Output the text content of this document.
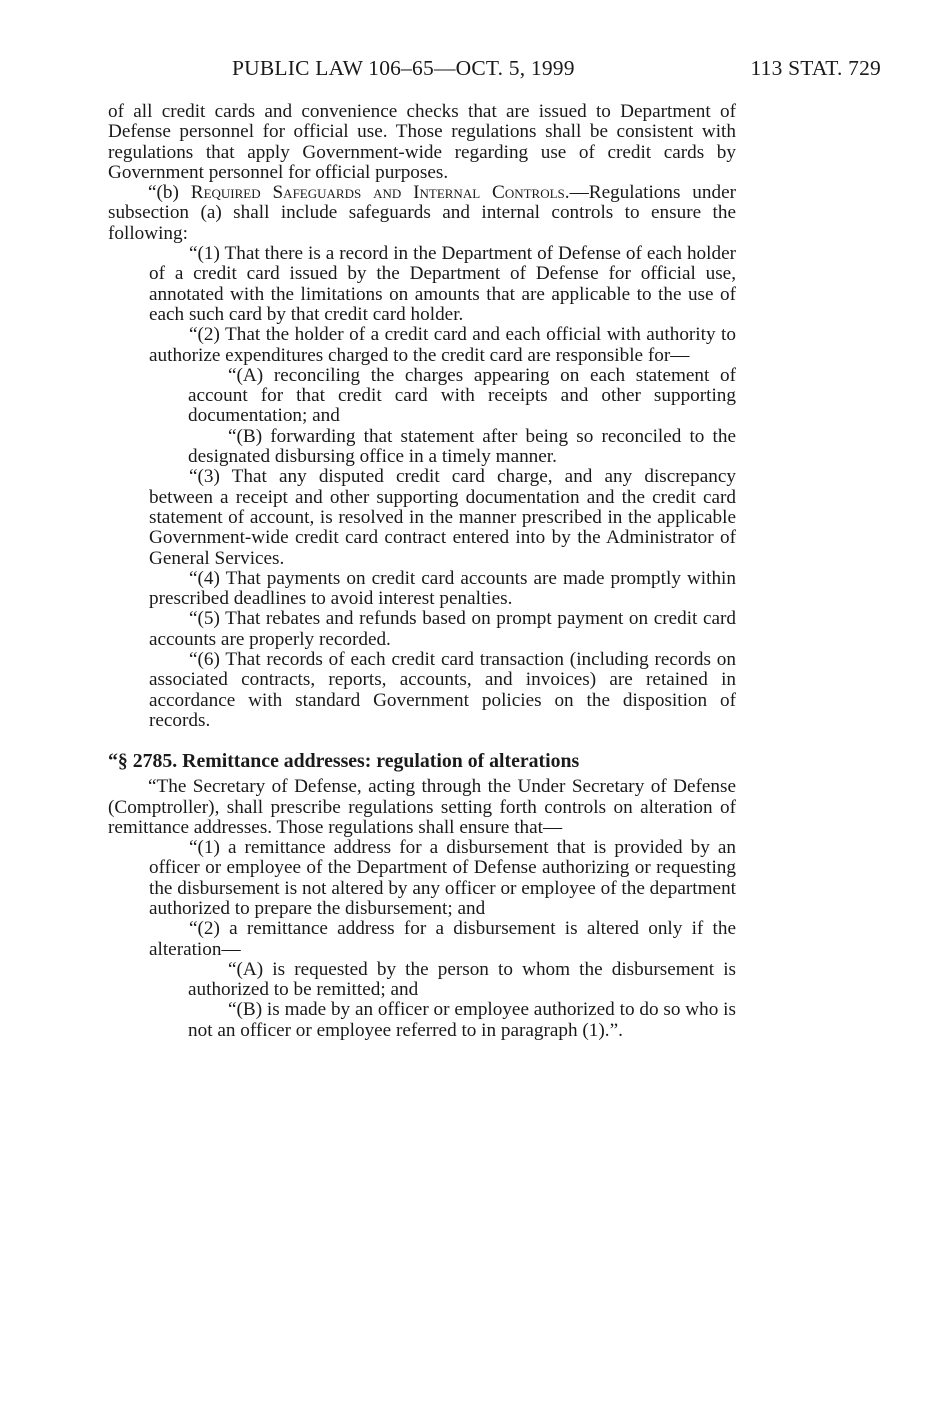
PUBLIC LAW 106–65—OCT. 5, 1999	113 STAT. 729

of all credit cards and convenience checks that are issued to Department of Defense personnel for official use. Those regulations shall be consistent with regulations that apply Government-wide regarding use of credit cards by Government personnel for official purposes.

“(b) Required Safeguards and Internal Controls.—Regulations under subsection (a) shall include safeguards and internal controls to ensure the following:

“(1) That there is a record in the Department of Defense of each holder of a credit card issued by the Department of Defense for official use, annotated with the limitations on amounts that are applicable to the use of each such card by that credit card holder.

“(2) That the holder of a credit card and each official with authority to authorize expenditures charged to the credit card are responsible for—

“(A) reconciling the charges appearing on each statement of account for that credit card with receipts and other supporting documentation; and

“(B) forwarding that statement after being so reconciled to the designated disbursing office in a timely manner.

“(3) That any disputed credit card charge, and any discrepancy between a receipt and other supporting documentation and the credit card statement of account, is resolved in the manner prescribed in the applicable Government-wide credit card contract entered into by the Administrator of General Services.

“(4) That payments on credit card accounts are made promptly within prescribed deadlines to avoid interest penalties.

“(5) That rebates and refunds based on prompt payment on credit card accounts are properly recorded.

“(6) That records of each credit card transaction (including records on associated contracts, reports, accounts, and invoices) are retained in accordance with standard Government policies on the disposition of records.

“§ 2785. Remittance addresses: regulation of alterations

“The Secretary of Defense, acting through the Under Secretary of Defense (Comptroller), shall prescribe regulations setting forth controls on alteration of remittance addresses. Those regulations shall ensure that—

“(1) a remittance address for a disbursement that is provided by an officer or employee of the Department of Defense authorizing or requesting the disbursement is not altered by any officer or employee of the department authorized to prepare the disbursement; and

“(2) a remittance address for a disbursement is altered only if the alteration—

“(A) is requested by the person to whom the disbursement is authorized to be remitted; and

“(B) is made by an officer or employee authorized to do so who is not an officer or employee referred to in paragraph (1).”.
